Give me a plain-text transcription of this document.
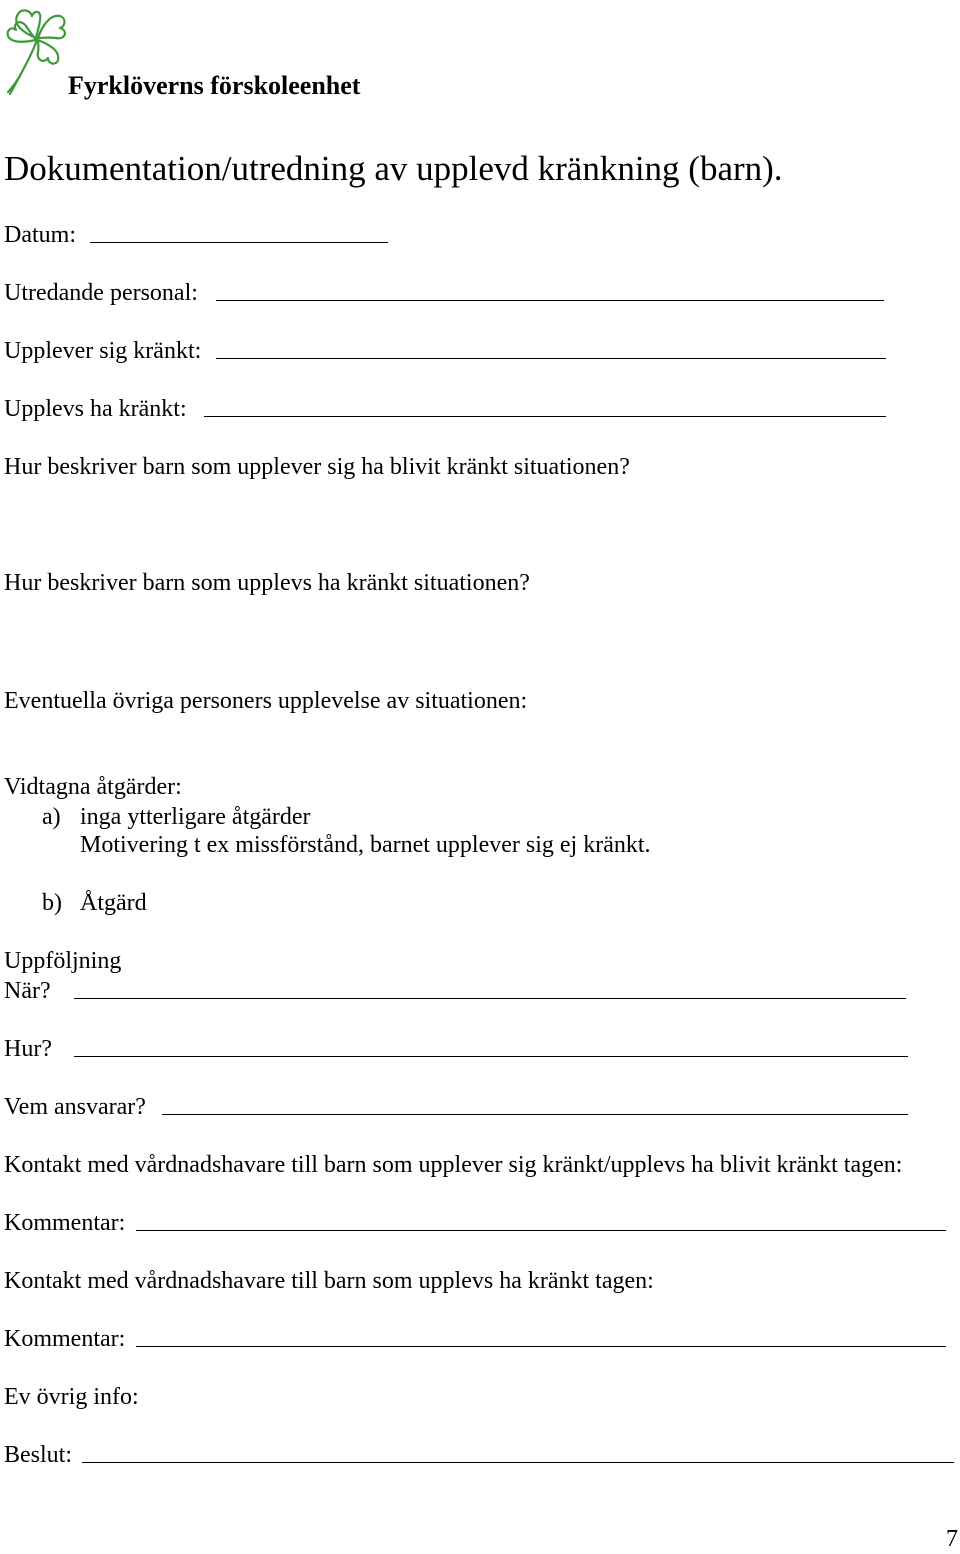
Fyrklöverns förskoleenhet
Dokumentation/utredning av upplevd kränkning (barn).
Datum:
Utredande personal:
Upplever sig kränkt:
Upplevs ha kränkt:
Hur beskriver barn som upplever sig ha blivit kränkt situationen?
Hur beskriver barn som upplevs ha kränkt situationen?
Eventuella övriga personers upplevelse av situationen:
Vidtagna åtgärder:
a) inga ytterligare åtgärder
Motivering t ex missförstånd, barnet upplever sig ej kränkt.
b) Åtgärd
Uppföljning
När?
Hur?
Vem ansvarar?
Kontakt med vårdnadshavare till barn som upplever sig kränkt/upplevs ha blivit kränkt tagen:
Kommentar:
Kontakt med vårdnadshavare till barn som upplevs ha kränkt tagen:
Kommentar:
Ev övrig info:
Beslut:
7
